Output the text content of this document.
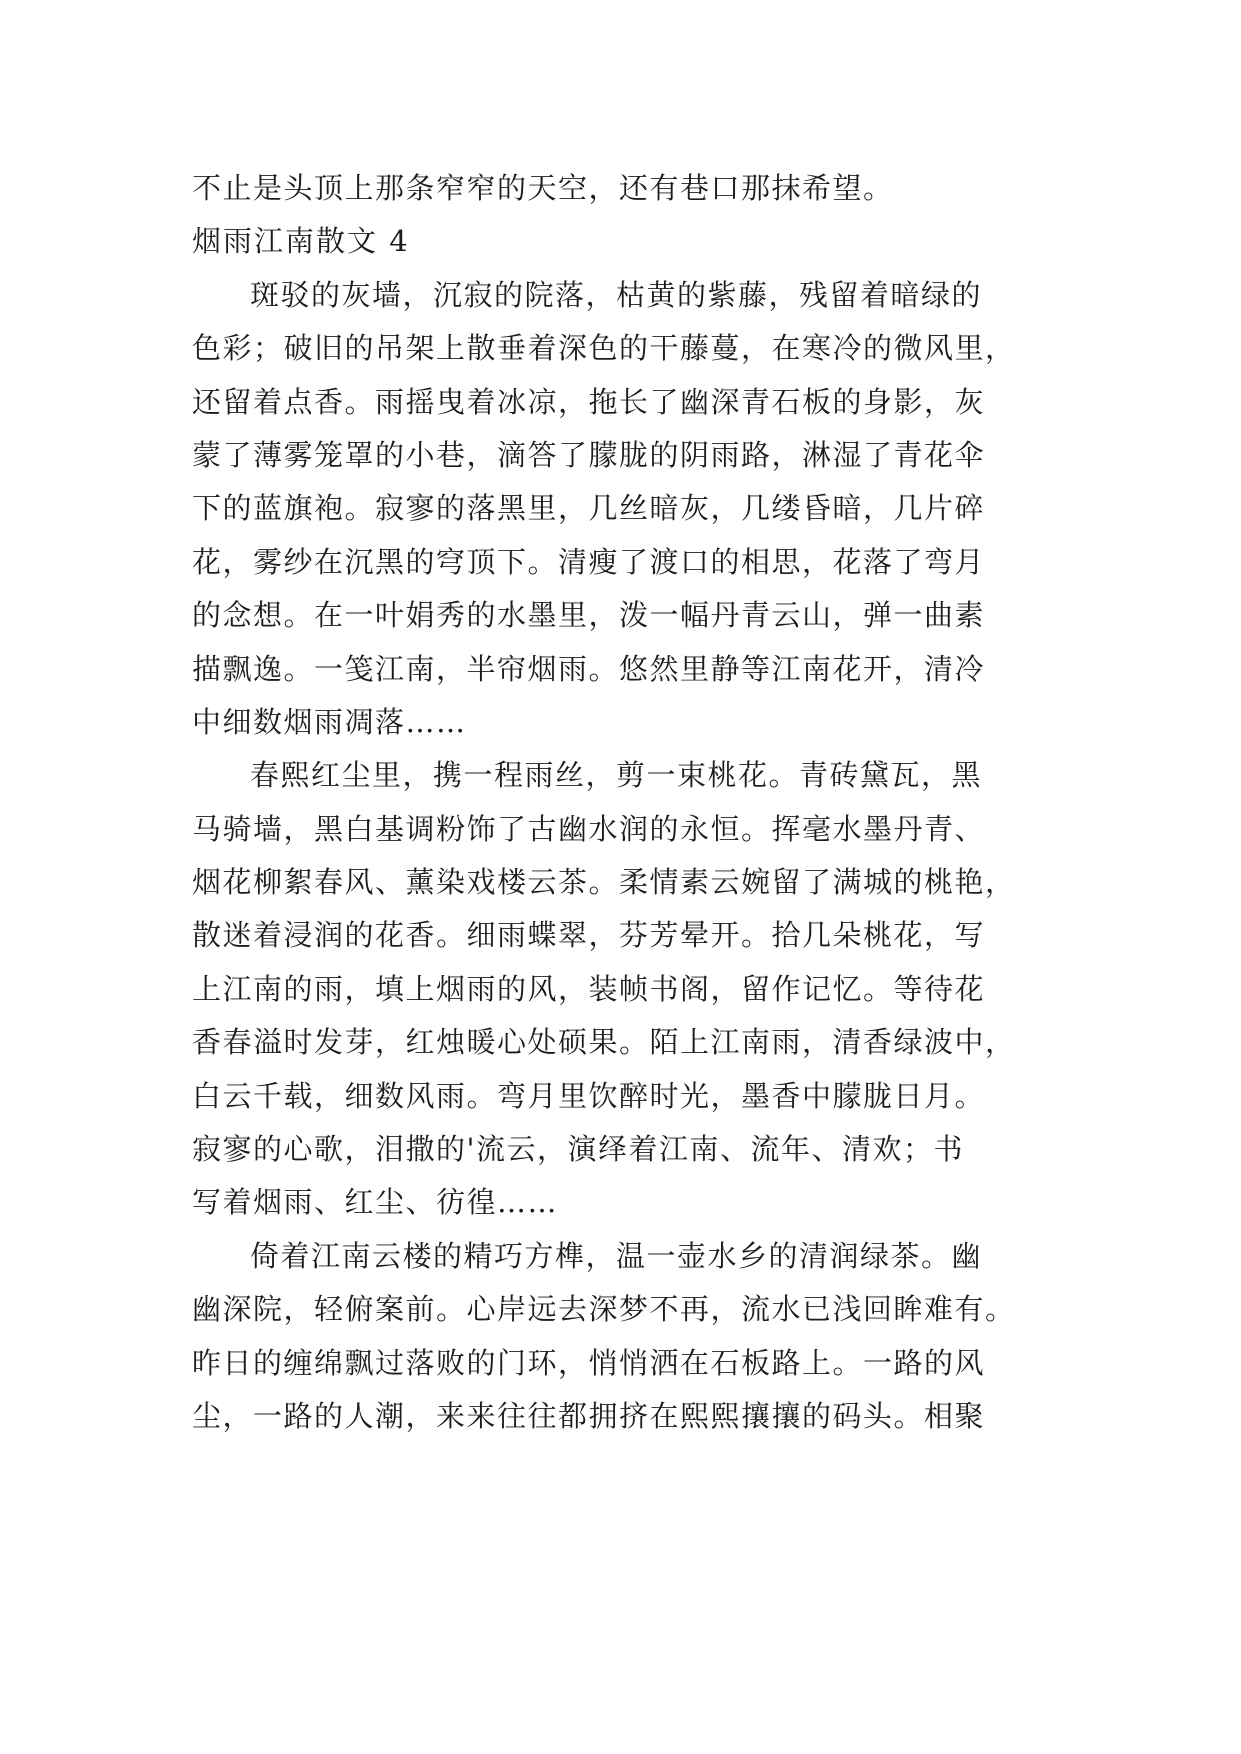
不止是头顶上那条窄窄的天空，还有巷口那抹希望。
烟雨江南散文 4
斑驳的灰墙，沉寂的院落，枯黄的紫藤，残留着暗绿的
色彩；破旧的吊架上散垂着深色的干藤蔓，在寒冷的微风里，
还留着点香。雨摇曳着冰凉，拖长了幽深青石板的身影，灰
蒙了薄雾笼罩的小巷，滴答了朦胧的阴雨路，淋湿了青花伞
下的蓝旗袍。寂寥的落黑里，几丝暗灰，几缕昏暗，几片碎
花，雾纱在沉黑的穹顶下。清瘦了渡口的相思，花落了弯月
的念想。在一叶娟秀的水墨里，泼一幅丹青云山，弹一曲素
描飘逸。一笺江南，半帘烟雨。悠然里静等江南花开，清冷
中细数烟雨凋落……
春熙红尘里，携一程雨丝，剪一束桃花。青砖黛瓦，黑
马骑墙，黑白基调粉饰了古幽水润的永恒。挥毫水墨丹青、
烟花柳絮春风、薰染戏楼云茶。柔情素云婉留了满城的桃艳，
散迷着浸润的花香。细雨蝶翠，芬芳晕开。拾几朵桃花，写
上江南的雨，填上烟雨的风，装帧书阁，留作记忆。等待花
香春溢时发芽，红烛暖心处硕果。陌上江南雨，清香绿波中，
白云千载，细数风雨。弯月里饮醉时光，墨香中朦胧日月。
寂寥的心歌，泪撒的'流云，演绎着江南、流年、清欢；书
写着烟雨、红尘、彷徨……
倚着江南云楼的精巧方榫，温一壶水乡的清润绿茶。幽
幽深院，轻俯案前。心岸远去深梦不再，流水已浅回眸难有。
昨日的缠绵飘过落败的门环，悄悄洒在石板路上。一路的风
尘，一路的人潮，来来往往都拥挤在熙熙攘攘的码头。相聚
